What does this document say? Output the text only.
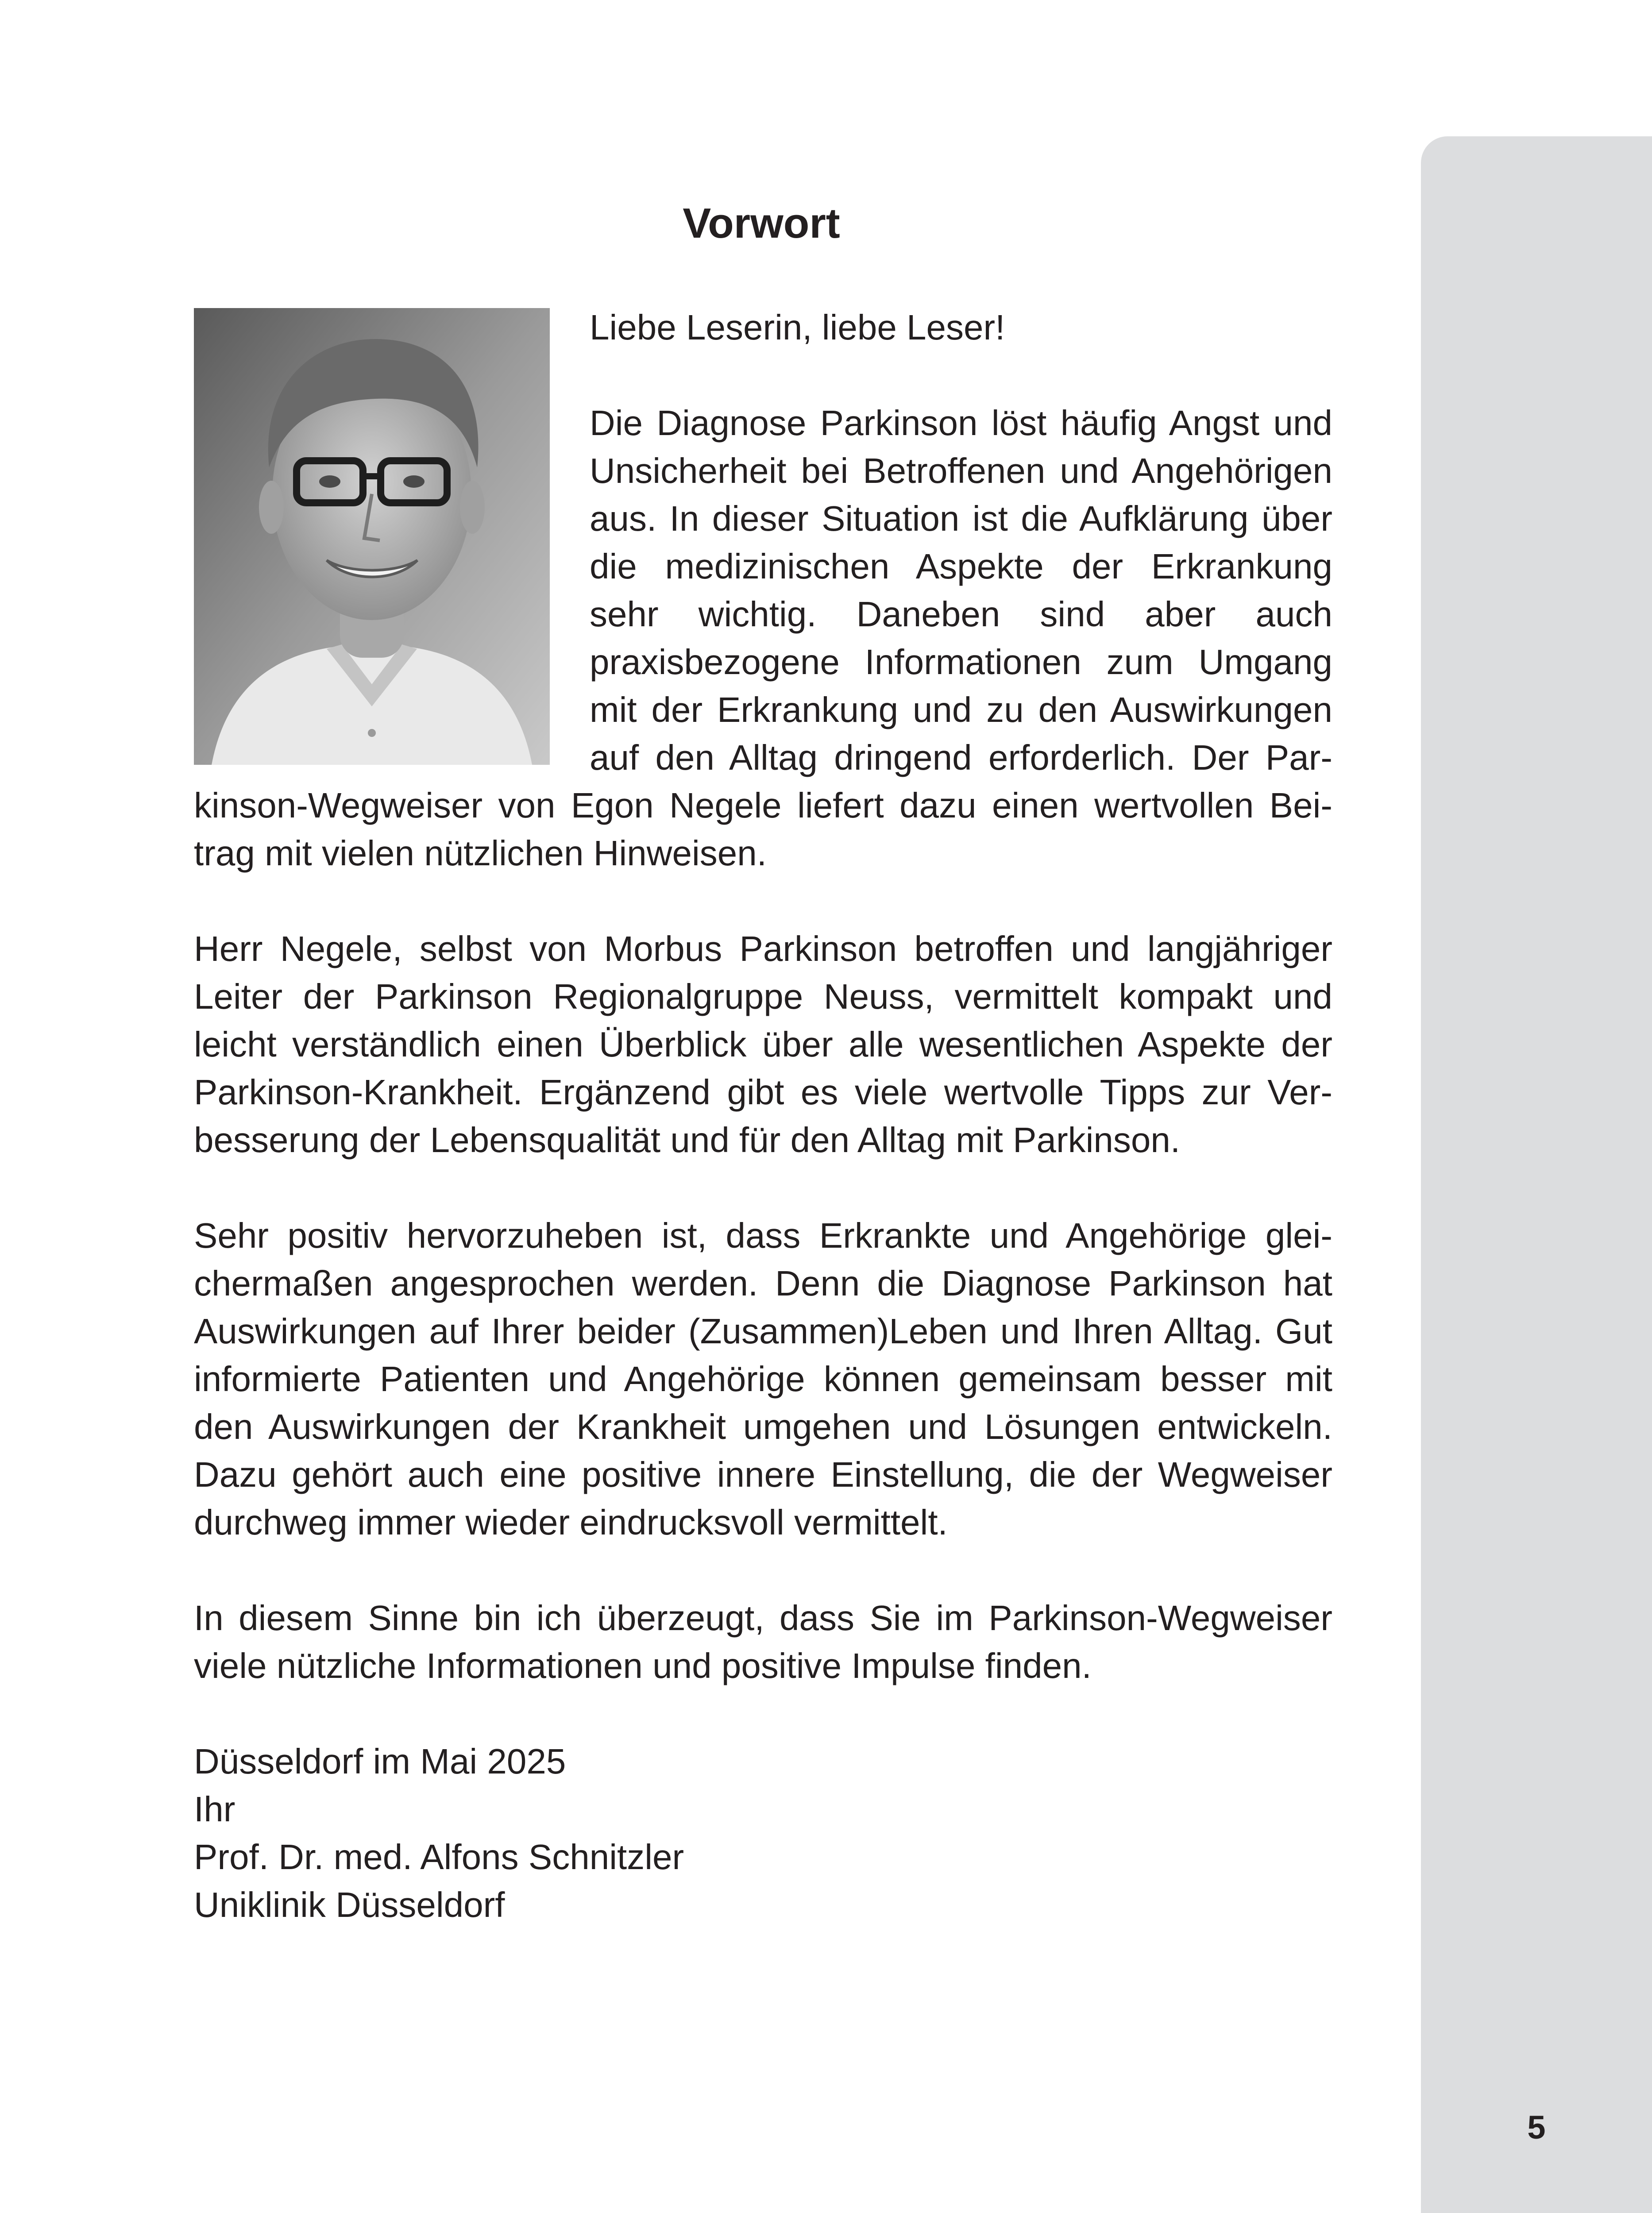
5
Vorwort

Liebe Leserin, liebe Leser!

Die Diagnose Parkinson löst häufig Angst und Unsicherheit bei Betroffenen und Angehörigen aus. In dieser Situation ist die Aufklärung über die medizinischen Aspekte der Erkrankung sehr wichtig. Daneben sind aber auch praxisbezogene Informationen zum Umgang mit der Erkrankung und zu den Auswirkungen auf den Alltag dringend erforderlich. Der Parkinson-Wegweiser von Egon Negele liefert dazu einen wertvollen Beitrag mit vielen nützlichen Hinweisen.

Herr Negele, selbst von Morbus Parkinson betroffen und langjähriger Leiter der Parkinson Regionalgruppe Neuss, vermittelt kompakt und leicht verständlich einen Überblick über alle wesentlichen Aspekte der Parkinson-Krankheit. Ergänzend gibt es viele wertvolle Tipps zur Verbesserung der Lebensqualität und für den Alltag mit Parkinson.

Sehr positiv hervorzuheben ist, dass Erkrankte und Angehörige gleichermaßen angesprochen werden. Denn die Diagnose Parkinson hat Auswirkungen auf Ihrer beider (Zusammen)Leben und Ihren Alltag. Gut informierte Patienten und Angehörige können gemeinsam besser mit den Auswirkungen der Krankheit umgehen und Lösungen entwickeln. Dazu gehört auch eine positive innere Einstellung, die der Wegweiser durchweg immer wieder eindrucksvoll vermittelt.

In diesem Sinne bin ich überzeugt, dass Sie im Parkinson-Wegweiser viele nützliche Informationen und positive Impulse finden.

Düsseldorf im Mai 2025

Ihr

Prof. Dr. med. Alfons Schnitzler

Uniklinik Düsseldorf
